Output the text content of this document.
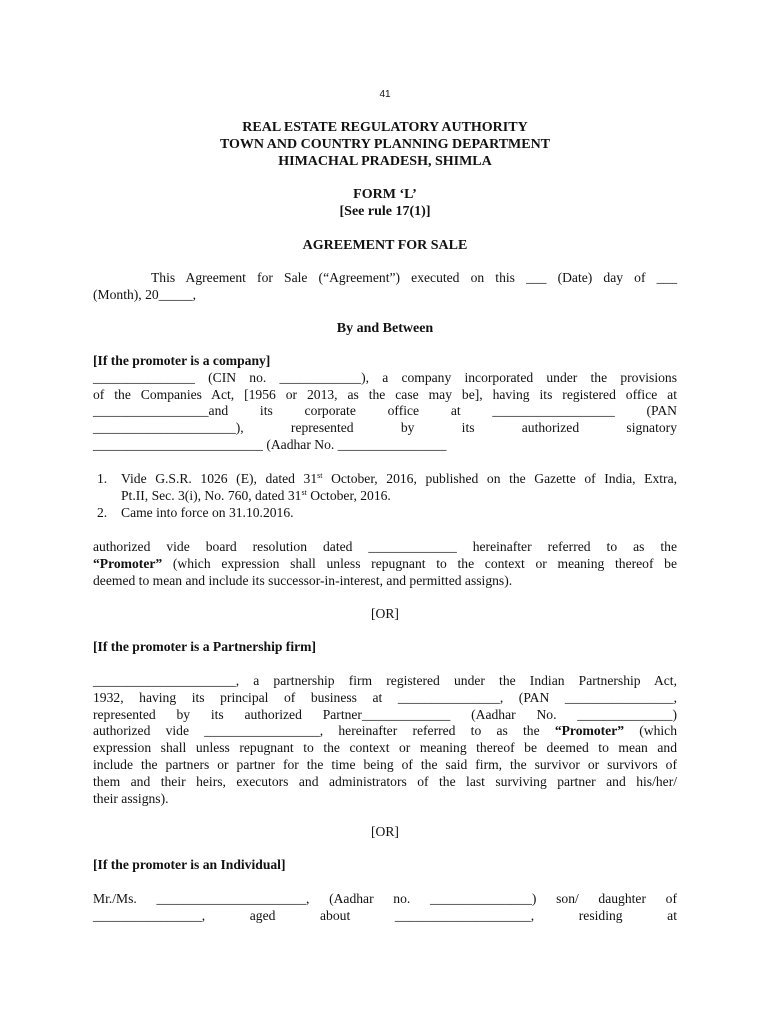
41
REAL ESTATE REGULATORY AUTHORITY
TOWN AND COUNTRY PLANNING DEPARTMENT
HIMACHAL PRADESH, SHIMLA
FORM ‘L’
[See rule 17(1)]
AGREEMENT FOR SALE
This Agreement for Sale (“Agreement”) executed on this ___ (Date) day of ___
(Month), 20_____,
By and Between
[If the promoter is a company]
_______________ (CIN no. ____________), a company incorporated under the provisions
of the Companies Act, [1956 or 2013, as the case may be], having its registered office at
_________________and its corporate office at __________________ (PAN
_____________________), represented by its authorized signatory
_________________________ (Aadhar No. ________________
1. Vide G.S.R. 1026 (E), dated 31st October, 2016, published on the Gazette of India, Extra,
Pt.II, Sec. 3(i), No. 760, dated 31st October, 2016.
2. Came into force on 31.10.2016.
authorized vide board resolution dated _____________ hereinafter referred to as the
“Promoter” (which expression shall unless repugnant to the context or meaning thereof be
deemed to mean and include its successor-in-interest, and permitted assigns).
[OR]
[If the promoter is a Partnership firm]
_____________________, a partnership firm registered under the Indian Partnership Act,
1932, having its principal of business at _______________, (PAN ________________,
represented by its authorized Partner_____________ (Aadhar No. ______________)
authorized vide _________________, hereinafter referred to as the “Promoter” (which
expression shall unless repugnant to the context or meaning thereof be deemed to mean and
include the partners or partner for the time being of the said firm, the survivor or survivors of
them and their heirs, executors and administrators of the last surviving partner and his/her/
their assigns).
[OR]
[If the promoter is an Individual]
Mr./Ms. ______________________, (Aadhar no. _______________) son/ daughter of
________________, aged about ____________________, residing at
